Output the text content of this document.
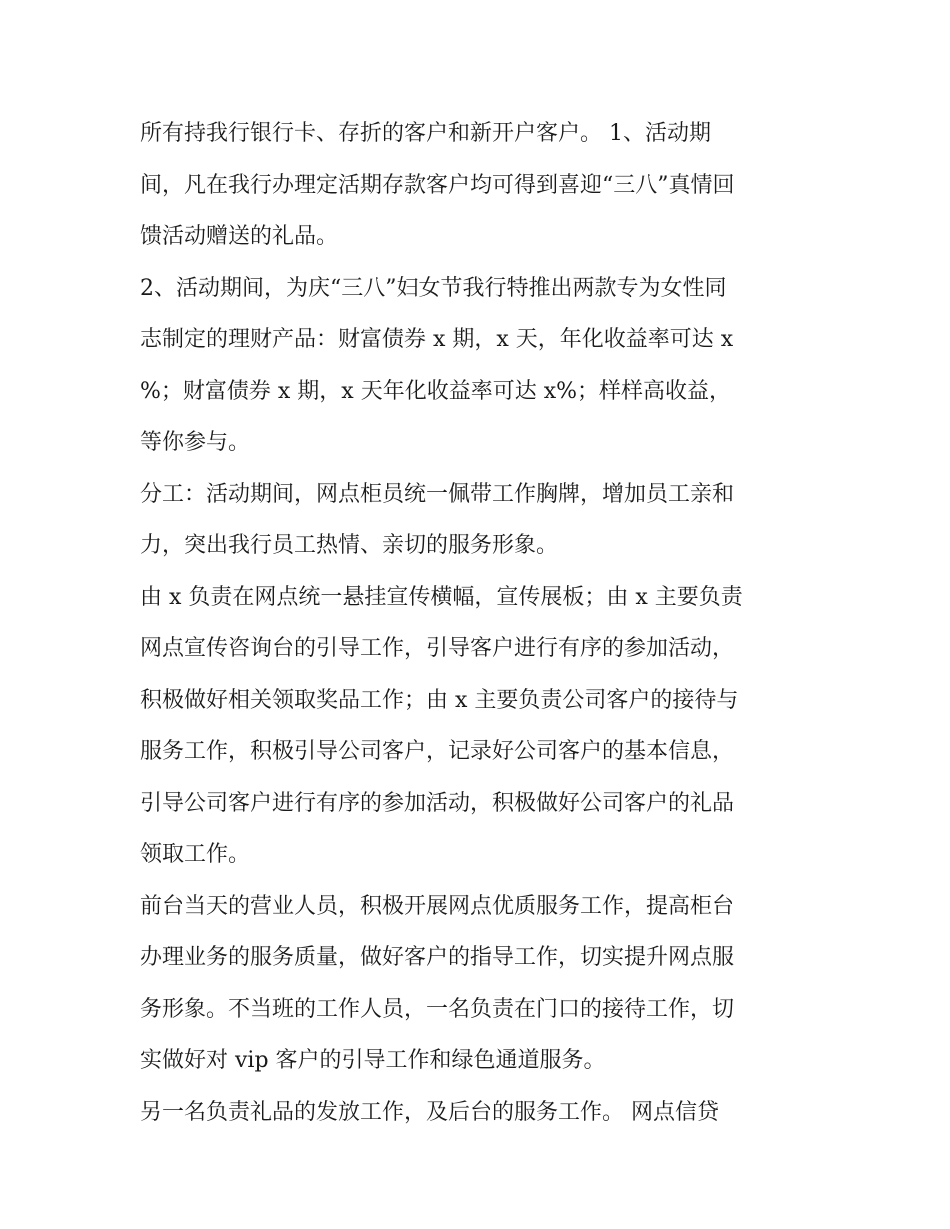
所有持我行银行卡、存折的客户和新开户客户。 1、活动期
间，凡在我行办理定活期存款客户均可得到喜迎“三八”真情回
馈活动赠送的礼品。
2、活动期间，为庆“三八”妇女节我行特推出两款专为女性同
志制定的理财产品：财富债券 x 期，x 天，年化收益率可达 x
%；财富债券 x 期，x 天年化收益率可达 x%；样样高收益，
等你参与。
分工：活动期间，网点柜员统一佩带工作胸牌，增加员工亲和
力，突出我行员工热情、亲切的服务形象。
由 x 负责在网点统一悬挂宣传横幅，宣传展板；由 x 主要负责
网点宣传咨询台的引导工作，引导客户进行有序的参加活动，
积极做好相关领取奖品工作；由 x 主要负责公司客户的接待与
服务工作，积极引导公司客户，记录好公司客户的基本信息，
引导公司客户进行有序的参加活动，积极做好公司客户的礼品
领取工作。
前台当天的营业人员，积极开展网点优质服务工作，提高柜台
办理业务的服务质量，做好客户的指导工作，切实提升网点服
务形象。不当班的工作人员，一名负责在门口的接待工作，切
实做好对 vip 客户的引导工作和绿色通道服务。
另一名负责礼品的发放工作，及后台的服务工作。 网点信贷
